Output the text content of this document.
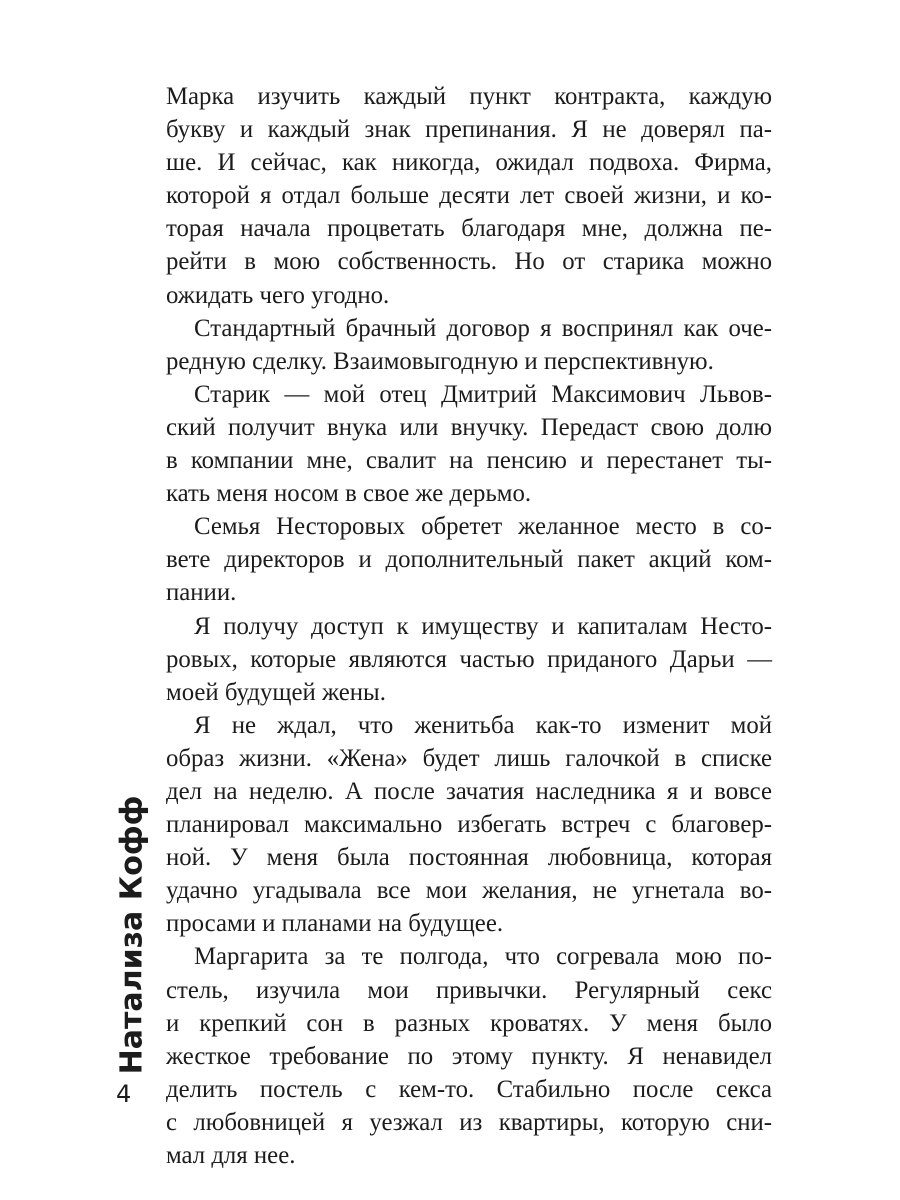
Марка изучить каждый пункт контракта, каждую
букву и каждый знак препинания. Я не доверял па-
ше. И сейчас, как никогда, ожидал подвоха. Фирма,
которой я отдал больше десяти лет своей жизни, и ко-
торая начала процветать благодаря мне, должна пе-
рейти в мою собственность. Но от старика можно
ожидать чего угодно.
Стандартный брачный договор я воспринял как оче-
редную сделку. Взаимовыгодную и перспективную.
Старик — мой отец Дмитрий Максимович Львов-
ский получит внука или внучку. Передаст свою долю
в компании мне, свалит на пенсию и перестанет ты-
кать меня носом в свое же дерьмо.
Семья Несторовых обретет желанное место в со-
вете директоров и дополнительный пакет акций ком-
пании.
Я получу доступ к имуществу и капиталам Несто-
ровых, которые являются частью приданого Дарьи —
моей будущей жены.
Я не ждал, что женитьба как-то изменит мой
образ жизни. «Жена» будет лишь галочкой в списке
дел на неделю. А после зачатия наследника я и вовсе
планировал максимально избегать встреч с благовер-
ной. У меня была постоянная любовница, которая
удачно угадывала все мои желания, не угнетала во-
просами и планами на будущее.
Маргарита за те полгода, что согревала мою по-
стель, изучила мои привычки. Регулярный секс
и крепкий сон в разных кроватях. У меня было
жесткое требование по этому пункту. Я ненавидел
делить постель с кем-то. Стабильно после секса
с любовницей я уезжал из квартиры, которую сни-
мал для нее.
Натализа Кофф
4
